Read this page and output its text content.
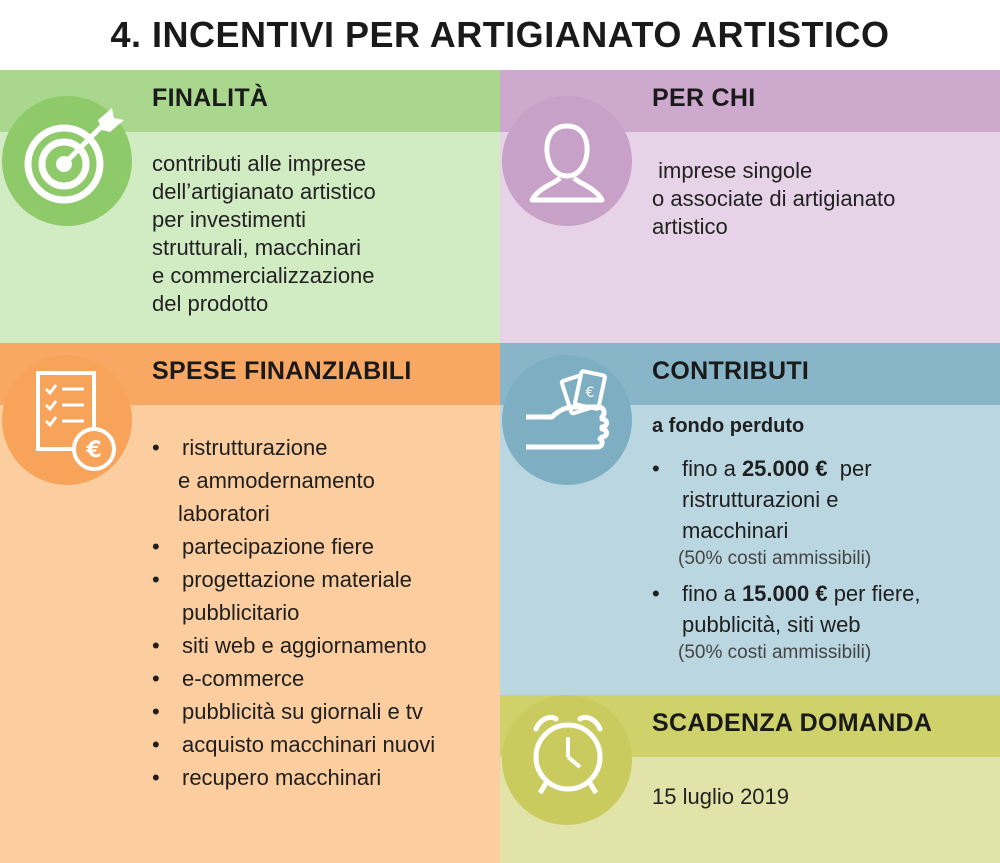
4. INCENTIVI PER ARTIGIANATO ARTISTICO
FINALITÀ
contributi alle imprese
dell’artigianato artistico
per investimenti
strutturali, macchinari
e commercializzazione
del prodotto
PER CHI
imprese singole
o associate di artigianato
artistico
SPESE FINANZIABILI
€
•	ristrutturazione
e ammodernamento
laboratori
• partecipazione fiere
• progettazione materiale
pubblicitario
• siti web e aggiornamento
• e-commerce
• pubblicità su giornali e tv
• acquisto macchinari nuovi
• recupero macchinari
CONTRIBUTI
€
a fondo perduto
• fino a 25.000 €  per
ristrutturazioni e
macchinari
(50% costi ammissibili)
• fino a 15.000 € per fiere,
pubblicità, siti web
(50% costi ammissibili)
SCADENZA DOMANDA
15 luglio 2019
